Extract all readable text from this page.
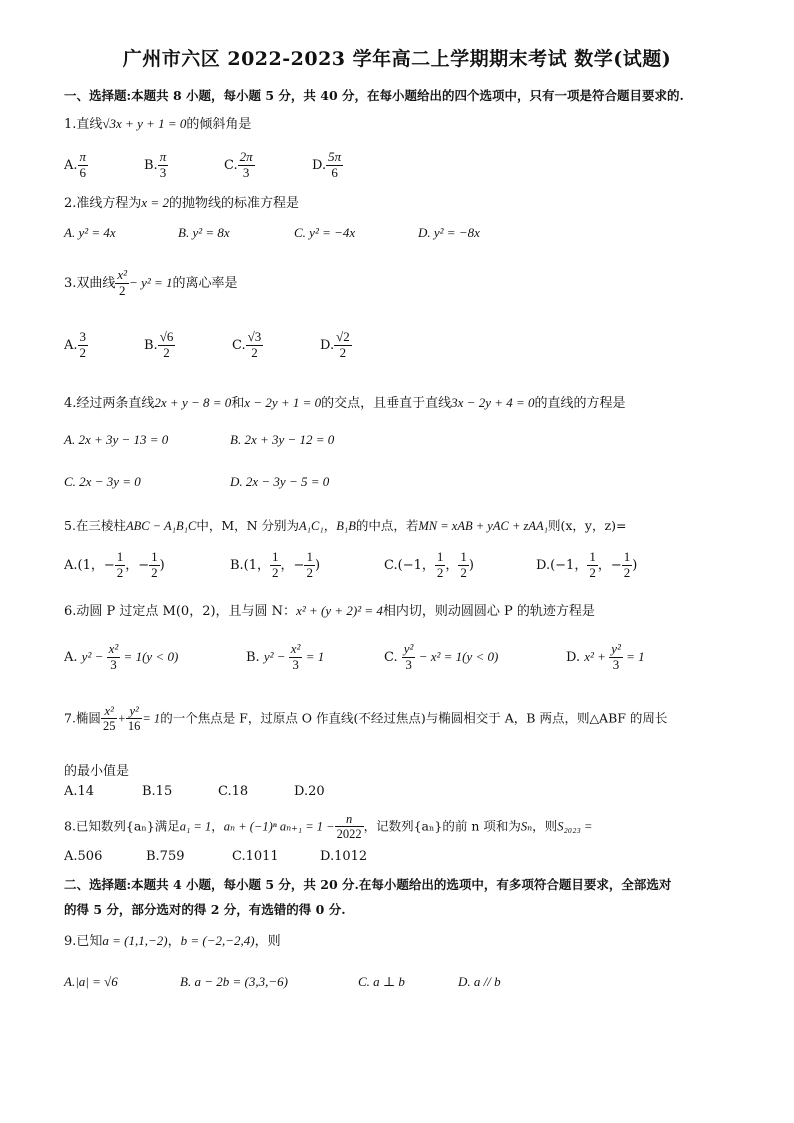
广州市六区 2022-2023 学年高二上学期期末考试 数学(试题)
一、选择题:本题共 8 小题，每小题 5 分，共 40 分，在每小题给出的四个选项中，只有一项是符合题目要求的.
1.直线√3x + y + 1 = 0的倾斜角是
A. $\frac{\pi}{6}$	B. $\frac{\pi}{3}$	C. $\frac{2\pi}{3}$	D. $\frac{5\pi}{6}$
2.准线方程为x = 2的抛物线的标准方程是
A. y² = 4x	B. y² = 8x	C. y² = −4x	D. y² = −8x
3.双曲线 $\frac{\text{x²}}{2} - y^2 = 1$的离心率是
A. $\frac{3}{2}$	B. $\frac{√6}{2}$	C. $\frac{√3}{2}$	D. $\frac{√2}{2}$
4.经过两条直线2x + y − 8 = 0和x − 2y + 1 = 0的交点，且垂直于直线3x − 2y + 4 = 0的直线的方程是
A. 2x + 3y − 13 = 0	B. 2x + 3y − 12 = 0
C. 2x − 3y = 0	D. 2x − 3y − 5 = 0
5.在三棱柱ABC − A₁B₁C中，M，N 分别为A₁C₁，B₁B的中点，若MN = xAB + yAC + zAA₁则(x，y，z)=
A.(1，− $\frac{1}{2}$ ，− $\frac{1}{2}$ )	B.(1， $\frac{1}{2}$ ，− $\frac{1}{2}$ )	C.(−1， $\frac{1}{2}$ ， $\frac{1}{2}$ )	D.(−1， $\frac{1}{2}$ ，− $\frac{1}{2}$ )
6.动圆 P 过定点 M(0，2)，且与圆 N：x² + (y + 2)² = 4相内切，则动圆圆心 P 的轨迹方程是
A. $y^2 - \frac{\text{x²}}{3} = 1(y < 0)$	B. $y^2 - \frac{\text{x²}}{3} = 1$	C. $\frac{\text{y²}}{3} - x^2 = 1(y < 0)$	D. $x^2 + \frac{\text{y²}}{3} = 1$
7.椭圆 $\frac{\text{x²}}{25} + \frac{\text{y²}}{16} = 1$的一个焦点是 F，过原点 O 作直线(不经过焦点)与椭圆相交于 A，B 两点，则△ABF 的周长
的最小值是
A.14	B.15	C.18	D.20
8.已知数列{aₙ}满足a₁ = 1，aₙ + (−1)ⁿ $a_{n+1} = 1 - \frac{n}{2022}$ ，记数列{aₙ}的前 n 项和为Sₙ，则S₂₀₂₃ =
A.506	B.759	C.1011	D.1012
二、选择题:本题共 4 小题，每小题 5 分，共 20 分.在每小题给出的选项中，有多项符合题目要求，全部选对
的得 5 分，部分选对的得 2 分，有选错的得 0 分.
9.已知a = (1,1,−2)，b = (−2,−2,4)，则
A.|a| = √6	B. a − 2b = (3,3,−6)	C. a ⊥ b	D. a // b
